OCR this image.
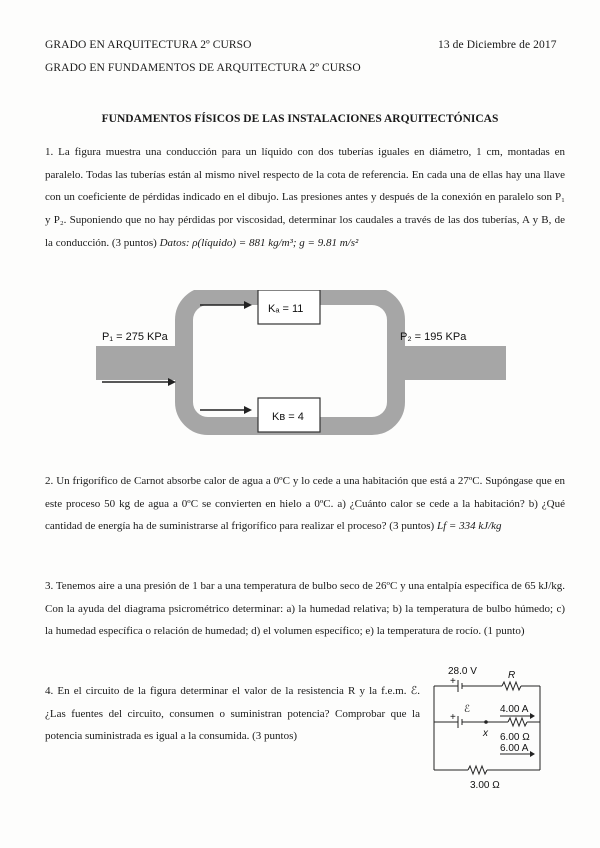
GRADO EN ARQUITECTURA 2º CURSO	13 de Diciembre de 2017
GRADO EN FUNDAMENTOS DE ARQUITECTURA 2º CURSO
FUNDAMENTOS FÍSICOS DE LAS INSTALACIONES ARQUITECTÓNICAS
1. La figura muestra una conducción para un líquido con dos tuberías iguales en diámetro, 1 cm, montadas en paralelo. Todas las tuberías están al mismo nivel respecto de la cota de referencia. En cada una de ellas hay una llave con un coeficiente de pérdidas indicado en el dibujo. Las presiones antes y después de la conexión en paralelo son P₁ y P₂. Suponiendo que no hay pérdidas por viscosidad, determinar los caudales a través de las dos tuberías, A y B, de la conducción. (3 puntos) Datos: ρ(líquido) = 881 kg/m³; g = 9.81 m/s²
P₁ = 275 KPa	P₂ = 195 KPa
Kₐ = 11
Kв = 4
2. Un frigorífico de Carnot absorbe calor de agua a 0ºC y lo cede a una habitación que está a 27ºC. Supóngase que en este proceso 50 kg de agua a 0ºC se convierten en hielo a 0ºC. a) ¿Cuánto calor se cede a la habitación? b) ¿Qué cantidad de energía ha de suministrarse al frigorífico para realizar el proceso? (3 puntos) Lf = 334 kJ/kg
3. Tenemos aire a una presión de 1 bar a una temperatura de bulbo seco de 26ºC y una entalpía específica de 65 kJ/kg. Con la ayuda del diagrama psicrométrico determinar: a) la humedad relativa; b) la temperatura de bulbo húmedo; c) la humedad específica o relación de humedad; d) el volumen específico; e) la temperatura de rocío. (1 punto)
4. En el circuito de la figura determinar el valor de la resistencia R y la f.e.m. ℰ. ¿Las fuentes del circuito, consumen o suministran potencia? Comprobar que la potencia suministrada es igual a la consumida. (3 puntos)
28.0 V	R
+
ℰ
+
4.00 A
x 6.00 Ω
6.00 A
3.00 Ω
